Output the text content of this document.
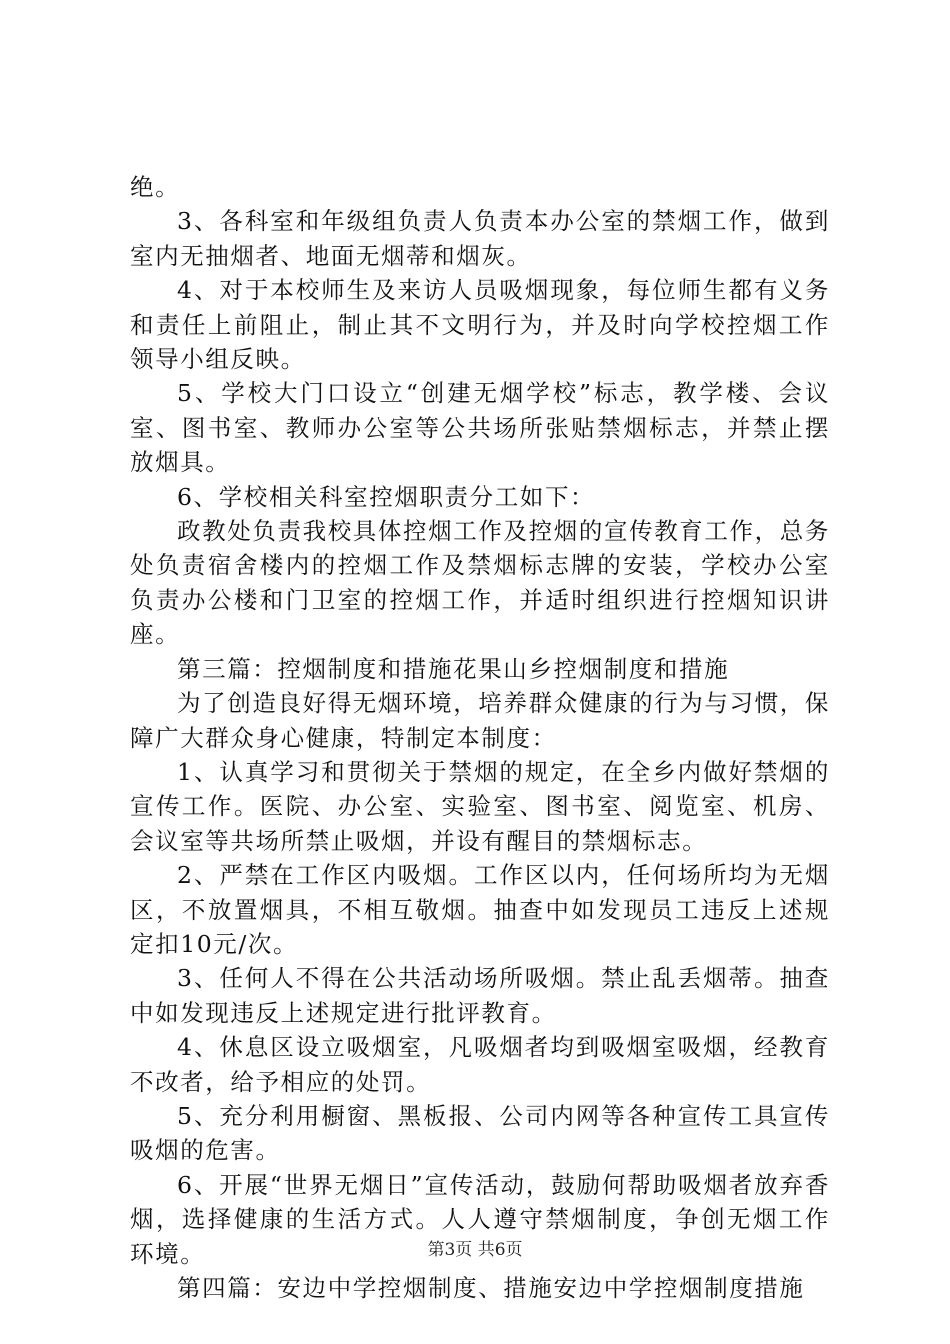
绝。

3、各科室和年级组负责人负责本办公室的禁烟工作，做到室内无抽烟者、地面无烟蒂和烟灰。

4、对于本校师生及来访人员吸烟现象，每位师生都有义务和责任上前阻止，制止其不文明行为，并及时向学校控烟工作领导小组反映。

5、学校大门口设立“创建无烟学校”标志，教学楼、会议室、图书室、教师办公室等公共场所张贴禁烟标志，并禁止摆放烟具。

6、学校相关科室控烟职责分工如下：

政教处负责我校具体控烟工作及控烟的宣传教育工作，总务处负责宿舍楼内的控烟工作及禁烟标志牌的安装，学校办公室负责办公楼和门卫室的控烟工作，并适时组织进行控烟知识讲座。

第三篇：控烟制度和措施花果山乡控烟制度和措施

为了创造良好得无烟环境，培养群众健康的行为与习惯，保障广大群众身心健康，特制定本制度：

1、认真学习和贯彻关于禁烟的规定，在全乡内做好禁烟的宣传工作。医院、办公室、实验室、图书室、阅览室、机房、会议室等共场所禁止吸烟，并设有醒目的禁烟标志。

2、严禁在工作区内吸烟。工作区以内，任何场所均为无烟区，不放置烟具，不相互敬烟。抽查中如发现员工违反上述规定扣10元/次。

3、任何人不得在公共活动场所吸烟。禁止乱丢烟蒂。抽查中如发现违反上述规定进行批评教育。

4、休息区设立吸烟室，凡吸烟者均到吸烟室吸烟，经教育不改者，给予相应的处罚。

5、充分利用橱窗、黑板报、公司内网等各种宣传工具宣传吸烟的危害。

6、开展“世界无烟日”宣传活动，鼓励何帮助吸烟者放弃香烟，选择健康的生活方式。人人遵守禁烟制度，争创无烟工作环境。

第四篇：安边中学控烟制度、措施安边中学控烟制度措施

第3页 共6页
